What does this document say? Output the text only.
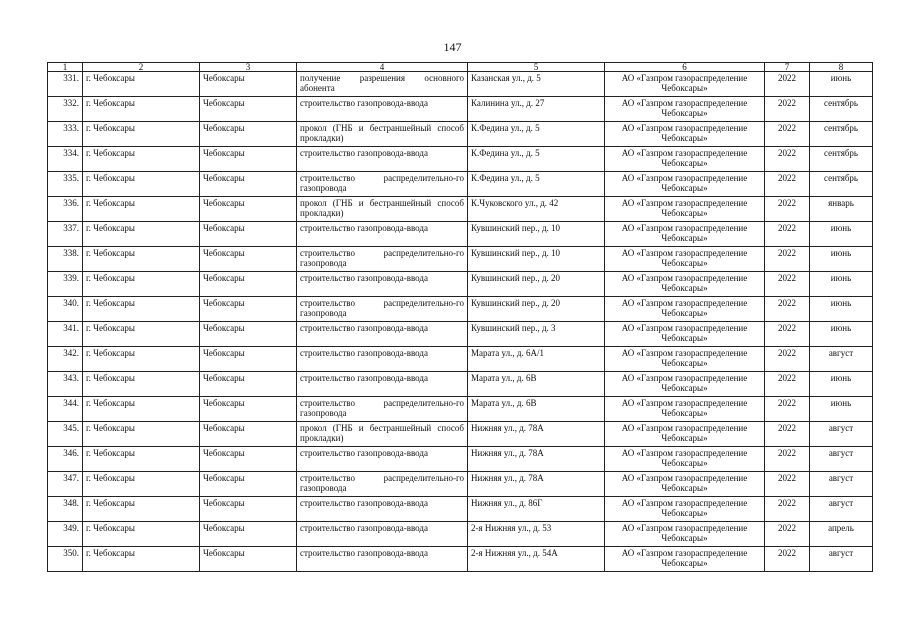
147
1	2	3	4	5	6	7	8
331.	г. Чебоксары	Чебоксары	получение разрешения основного абонента	Казанская ул., д. 5	АО «Газпром газораспределение Чебоксары»	2022	июнь
332.	г. Чебоксары	Чебоксары	строительство газопровода-ввода	Калинина ул., д. 27	АО «Газпром газораспределение Чебоксары»	2022	сентябрь
333.	г. Чебоксары	Чебоксары	прокол (ГНБ и бестраншейный способ прокладки)	К.Федина ул., д. 5	АО «Газпром газораспределение Чебоксары»	2022	сентябрь
334.	г. Чебоксары	Чебоксары	строительство газопровода-ввода	К.Федина ул., д. 5	АО «Газпром газораспределение Чебоксары»	2022	сентябрь
335.	г. Чебоксары	Чебоксары	строительство распределительно-го газопровода	К.Федина ул., д. 5	АО «Газпром газораспределение Чебоксары»	2022	сентябрь
336.	г. Чебоксары	Чебоксары	прокол (ГНБ и бестраншейный способ прокладки)	К.Чуковского ул., д. 42	АО «Газпром газораспределение Чебоксары»	2022	январь
337.	г. Чебоксары	Чебоксары	строительство газопровода-ввода	Кувшинский пер., д. 10	АО «Газпром газораспределение Чебоксары»	2022	июнь
338.	г. Чебоксары	Чебоксары	строительство распределительно-го газопровода	Кувшинский пер., д. 10	АО «Газпром газораспределение Чебоксары»	2022	июнь
339.	г. Чебоксары	Чебоксары	строительство газопровода-ввода	Кувшинский пер., д. 20	АО «Газпром газораспределение Чебоксары»	2022	июнь
340.	г. Чебоксары	Чебоксары	строительство распределительно-го газопровода	Кувшинский пер., д. 20	АО «Газпром газораспределение Чебоксары»	2022	июнь
341.	г. Чебоксары	Чебоксары	строительство газопровода-ввода	Кувшинский пер., д. 3	АО «Газпром газораспределение Чебоксары»	2022	июнь
342.	г. Чебоксары	Чебоксары	строительство газопровода-ввода	Марата ул., д. 6А/1	АО «Газпром газораспределение Чебоксары»	2022	август
343.	г. Чебоксары	Чебоксары	строительство газопровода-ввода	Марата ул., д. 6В	АО «Газпром газораспределение Чебоксары»	2022	июнь
344.	г. Чебоксары	Чебоксары	строительство распределительно-го газопровода	Марата ул., д. 6В	АО «Газпром газораспределение Чебоксары»	2022	июнь
345.	г. Чебоксары	Чебоксары	прокол (ГНБ и бестраншейный способ прокладки)	Нижняя ул., д. 78А	АО «Газпром газораспределение Чебоксары»	2022	август
346.	г. Чебоксары	Чебоксары	строительство газопровода-ввода	Нижняя ул., д. 78А	АО «Газпром газораспределение Чебоксары»	2022	август
347.	г. Чебоксары	Чебоксары	строительство распределительно-го газопровода	Нижняя ул., д. 78А	АО «Газпром газораспределение Чебоксары»	2022	август
348.	г. Чебоксары	Чебоксары	строительство газопровода-ввода	Нижняя ул., д. 86Г	АО «Газпром газораспределение Чебоксары»	2022	август
349.	г. Чебоксары	Чебоксары	строительство газопровода-ввода	2-я Нижняя ул., д. 53	АО «Газпром газораспределение Чебоксары»	2022	апрель
350.	г. Чебоксары	Чебоксары	строительство газопровода-ввода	2-я Нижняя ул., д. 54А	АО «Газпром газораспределение Чебоксары»	2022	август
